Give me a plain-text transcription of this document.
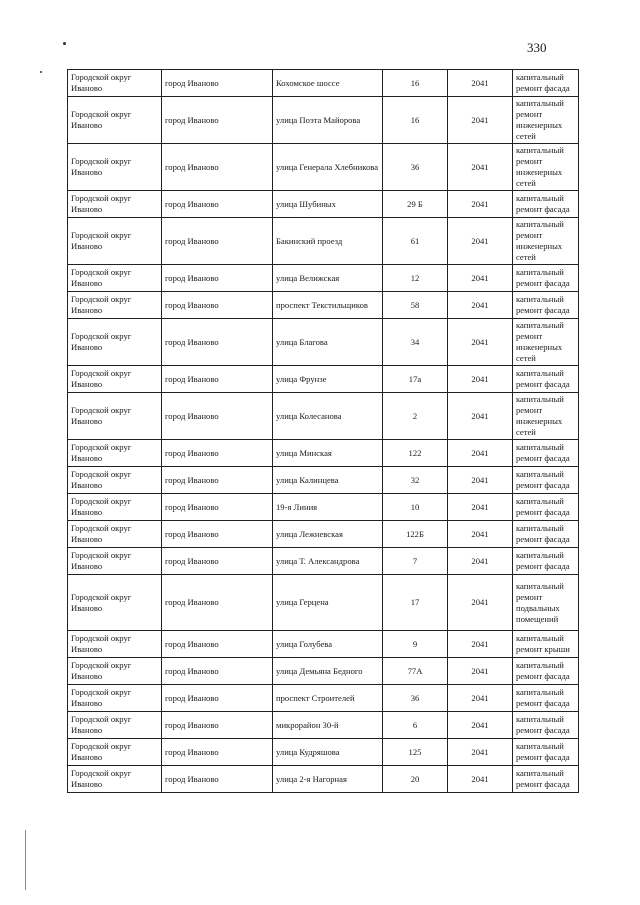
330
Городской округ Иваново	город Иваново	Кохомское шоссе	16	2041	капитальный ремонт фасада
Городской округ Иваново	город Иваново	улица Поэта Майорова	16	2041	капитальный ремонт инженерных сетей
Городской округ Иваново	город Иваново	улица Генерала Хлебникова	36	2041	капитальный ремонт инженерных сетей
Городской округ Иваново	город Иваново	улица Шубиных	29 Б	2041	капитальный ремонт фасада
Городской округ Иваново	город Иваново	Бакинский проезд	61	2041	капитальный ремонт инженерных сетей
Городской округ Иваново	город Иваново	улица Велижская	12	2041	капитальный ремонт фасада
Городской округ Иваново	город Иваново	проспект Текстильщиков	58	2041	капитальный ремонт фасада
Городской округ Иваново	город Иваново	улица Благова	34	2041	капитальный ремонт инженерных сетей
Городской округ Иваново	город Иваново	улица Фрунзе	17а	2041	капитальный ремонт фасада
Городской округ Иваново	город Иваново	улица Колесанова	2	2041	капитальный ремонт инженерных сетей
Городской округ Иваново	город Иваново	улица Минская	122	2041	капитальный ремонт фасада
Городской округ Иваново	город Иваново	улица Калинцева	32	2041	капитальный ремонт фасада
Городской округ Иваново	город Иваново	19-я Линия	10	2041	капитальный ремонт фасада
Городской округ Иваново	город Иваново	улица Лежневская	122Б	2041	капитальный ремонт фасада
Городской округ Иваново	город Иваново	улица Т. Александрова	7	2041	капитальный ремонт фасада
Городской округ Иваново	город Иваново	улица Герцена	17	2041	капитальный ремонт подвальных помещений
Городской округ Иваново	город Иваново	улица Голубева	9	2041	капитальный ремонт крыши
Городской округ Иваново	город Иваново	улица Демьяна Бедного	77А	2041	капитальный ремонт фасада
Городской округ Иваново	город Иваново	проспект Строителей	36	2041	капитальный ремонт фасада
Городской округ Иваново	город Иваново	микрорайон 30-й	6	2041	капитальный ремонт фасада
Городской округ Иваново	город Иваново	улица Кудряшова	125	2041	капитальный ремонт фасада
Городской округ Иваново	город Иваново	улица 2-я Нагорная	20	2041	капитальный ремонт фасада
